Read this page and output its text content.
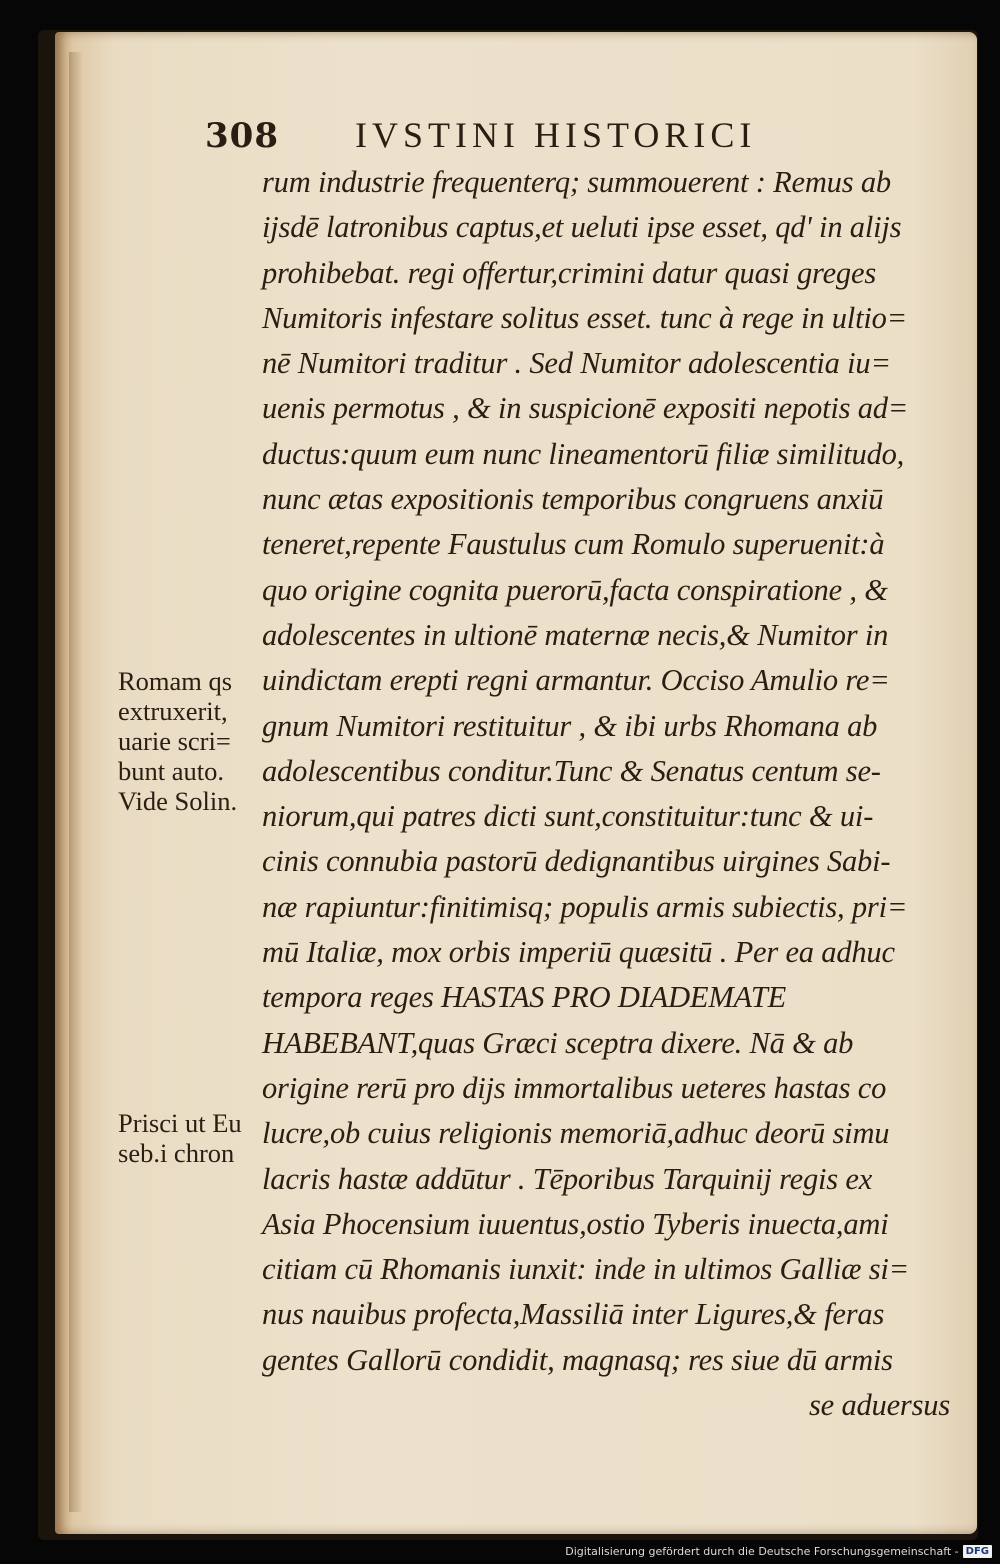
308 IVSTINI HISTORICI
rum industrie frequenterq; summouerent : Remus ab
ijsdē latronibus captus,et ueluti ipse esset, qd' in alijs
prohibebat. regi offertur,crimini datur quasi greges
Numitoris infestare solitus esset. tunc à rege in ultio=
nē Numitori traditur . Sed Numitor adolescentia iu=
uenis permotus , & in suspicionē expositi nepotis ad=
ductus:quum eum nunc lineamentorū filiæ similitudo,
nunc ætas expositionis temporibus congruens anxiū
teneret,repente Faustulus cum Romulo superuenit:à
quo origine cognita puerorū,facta conspiratione , &
adolescentes in ultionē maternæ necis,& Numitor in
uindictam erepti regni armantur. Occiso Amulio re=
gnum Numitori restituitur , & ibi urbs Rhomana ab
adolescentibus conditur.Tunc & Senatus centum se-
niorum,qui patres dicti sunt,constituitur:tunc & ui-
cinis connubia pastorū dedignantibus uirgines Sabi-
næ rapiuntur:finitimisq; populis armis subiectis, pri=
mū Italiæ, mox orbis imperiū quæsitū . Per ea adhuc
tempora reges HASTAS PRO DIADEMATE
HABEBANT,quas Græci sceptra dixere. Nā & ab
origine rerū pro dijs immortalibus ueteres hastas co
lucre,ob cuius religionis memoriā,adhuc deorū simu
lacris hastæ addūtur . Tēporibus Tarquinij regis ex
Asia Phocensium iuuentus,ostio Tyberis inuecta,ami
citiam cū Rhomanis iunxit: inde in ultimos Galliæ si=
nus nauibus profecta,Massiliā inter Ligures,& feras
gentes Gallorū condidit, magnasq; res siue dū armis
se aduersus
Romam qs
extruxerit,
uarie scri=
bunt auto.
Vide Solin.
Prisci ut Eu
seb.i chron
Digitalisierung gefördert durch die Deutsche Forschungsgemeinschaft - DFG
